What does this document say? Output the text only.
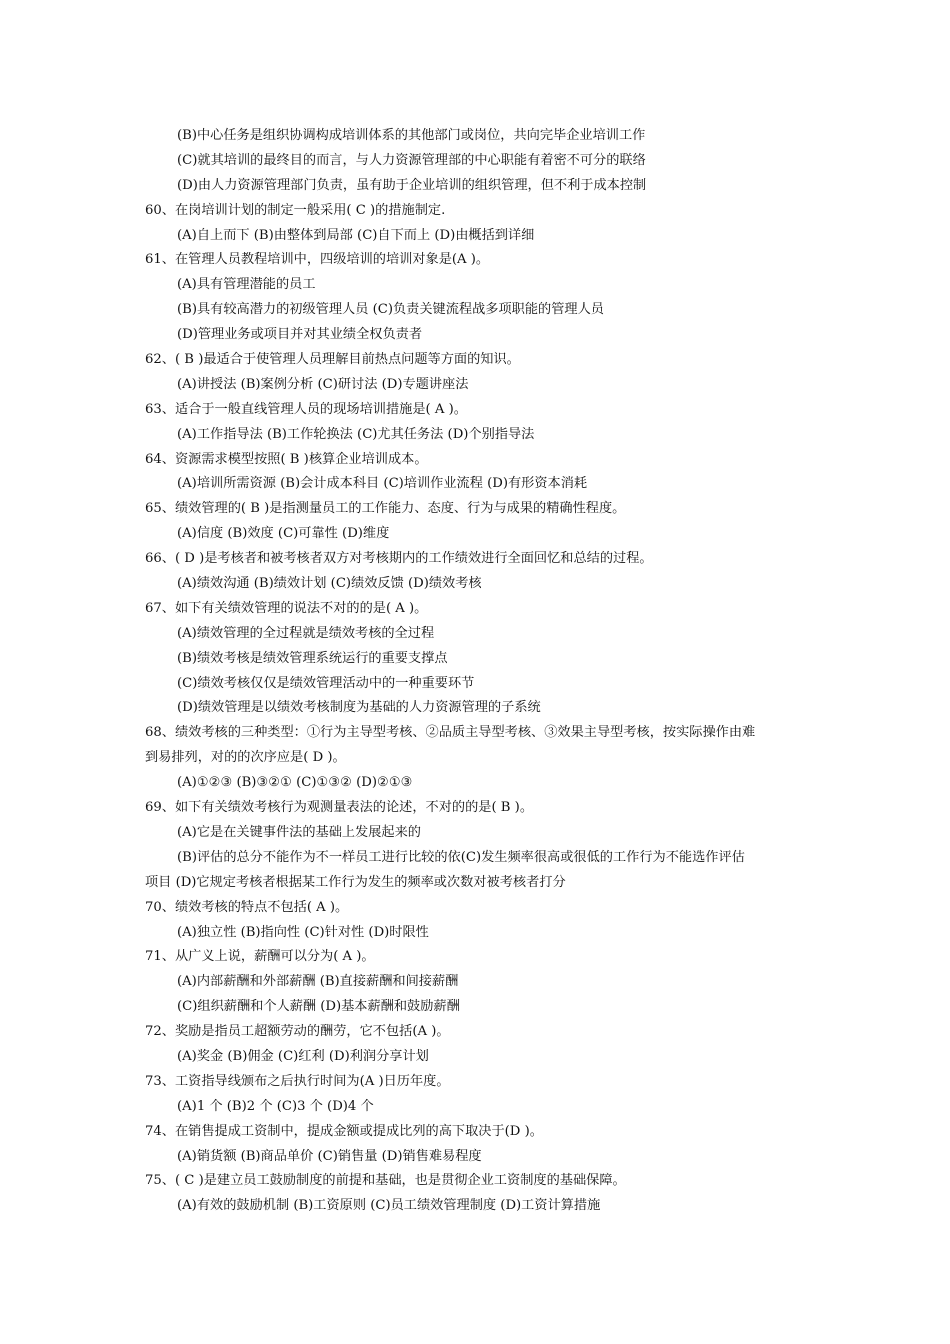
(B)中心任务是组织协调构成培训体系的其他部门或岗位，共向完毕企业培训工作
(C)就其培训的最终目的而言，与人力资源管理部的中心职能有着密不可分的联络
(D)由人力资源管理部门负责，虽有助于企业培训的组织管理，但不利于成本控制
60、在岗培训计划的制定一般采用( C )的措施制定.
(A)自上而下 (B)由整体到局部 (C)自下而上 (D)由概括到详细
61、在管理人员教程培训中，四级培训的培训对象是(A )。
(A)具有管理潜能的员工
(B)具有较高潜力的初级管理人员 (C)负责关键流程战多项职能的管理人员
(D)管理业务或项目并对其业绩全权负责者
62、( B )最适合于使管理人员理解目前热点问题等方面的知识。
(A)讲授法 (B)案例分析 (C)研讨法 (D)专题讲座法
63、适合于一般直线管理人员的现场培训措施是( A )。
(A)工作指导法 (B)工作轮换法 (C)尤其任务法 (D)个别指导法
64、资源需求模型按照( B )核算企业培训成本。
(A)培训所需资源 (B)会计成本科目 (C)培训作业流程 (D)有形资本消耗
65、绩效管理的( B )是指测量员工的工作能力、态度、行为与成果的精确性程度。
(A)信度 (B)效度 (C)可靠性 (D)维度
66、( D )是考核者和被考核者双方对考核期内的工作绩效进行全面回忆和总结的过程。
(A)绩效沟通 (B)绩效计划 (C)绩效反馈 (D)绩效考核
67、如下有关绩效管理的说法不对的的是( A )。
(A)绩效管理的全过程就是绩效考核的全过程
(B)绩效考核是绩效管理系统运行的重要支撑点
(C)绩效考核仅仅是绩效管理活动中的一种重要环节
(D)绩效管理是以绩效考核制度为基础的人力资源管理的子系统
68、绩效考核的三种类型：①行为主导型考核、②品质主导型考核、③效果主导型考核，按实际操作由难
到易排列，对的的次序应是( D )。
(A)①②③ (B)③②① (C)①③② (D)②①③
69、如下有关绩效考核行为观测量表法的论述，不对的的是( B )。
(A)它是在关键事件法的基础上发展起来的
(B)评估的总分不能作为不一样员工进行比较的依(C)发生频率很高或很低的工作行为不能选作评估
项目 (D)它规定考核者根据某工作行为发生的频率或次数对被考核者打分
70、绩效考核的特点不包括( A )。
(A)独立性 (B)指向性 (C)针对性 (D)时限性
71、从广义上说，薪酬可以分为( A )。
(A)内部薪酬和外部薪酬 (B)直接薪酬和间接薪酬
(C)组织薪酬和个人薪酬 (D)基本薪酬和鼓励薪酬
72、奖励是指员工超额劳动的酬劳，它不包括(A )。
(A)奖金 (B)佣金 (C)红利 (D)利润分享计划
73、工资指导线颁布之后执行时间为(A )日历年度。
(A)1 个 (B)2 个 (C)3 个 (D)4 个
74、在销售提成工资制中，提成金额或提成比列的高下取决于(D )。
(A)销货额 (B)商品单价 (C)销售量 (D)销售难易程度
75、( C )是建立员工鼓励制度的前提和基础，也是贯彻企业工资制度的基础保障。
(A)有效的鼓励机制 (B)工资原则 (C)员工绩效管理制度 (D)工资计算措施
